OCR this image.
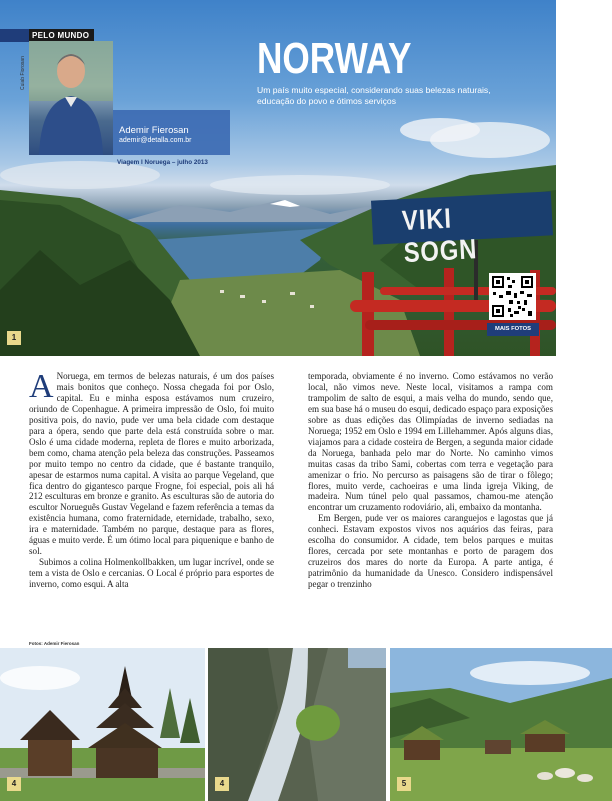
VIKI SOGN
PELO MUNDO
Cuiab Fiorosan
Ademir Fierosan
ademir@detalla.com.br
Viagem I Noruega – julho 2013
NORWAY
Um país muito especial, considerando suas belezas naturais, educação do povo e ótimos serviços
MAIS FOTOS
1

A Noruega, em termos de belezas naturais, é um dos países mais bonitos que conheço. Nossa chegada foi por Oslo, capital. Eu e minha esposa estávamos num cruzeiro, oriundo de Copenhague. A primeira impressão de Oslo, foi muito positiva pois, do navio, pude ver uma bela cidade com destaque para a ópera, sendo que parte dela está construída sobre o mar. Oslo é uma cidade moderna, repleta de flores e muito arborizada, bem como, chama atenção pela beleza das construções. Passeamos por muito tempo no centro da cidade, que é bastante tranquilo, apesar de estarmos numa capital. A visita ao parque Vegeland, que fica dentro do gigantesco parque Frogne, foi especial, pois ali há 212 esculturas em bronze e granito. As esculturas são de autoria do escultor Norueguês Gustav Vegeland e fazem referência a temas da existência humana, como fraternidade, eternidade, trabalho, sexo, ira e maternidade. Também no parque, destaque para as flores, águas e muito verde. É um ótimo local para piquenique e banho de sol.

Subimos a colina Holmenkollbakken, um lugar incrível, onde se tem a vista de Oslo e cercanias. O Local é próprio para esportes de inverno, como esqui. A alta

temporada, obviamente é no inverno. Como estávamos no verão local, não vimos neve. Neste local, visitamos a rampa com trampolim de salto de esqui, a mais velha do mundo, sendo que, em sua base há o museu do esqui, dedicado espaço para exposições sobre as duas edições das Olimpíadas de inverno sediadas na Noruega; 1952 em Oslo e 1994 em Lillehammer. Após alguns dias, viajamos para a cidade costeira de Bergen, a segunda maior cidade da Noruega, banhada pelo mar do Norte. No caminho vimos muitas casas da tribo Sami, cobertas com terra e vegetação para amenizar o frio. No percurso as paisagens são de tirar o fôlego; flores, muito verde, cachoeiras e uma linda igreja Viking, de madeira. Num túnel pelo qual passamos, chamou-me atenção encontrar um cruzamento rodoviário, ali, embaixo da montanha.

Em Bergen, pude ver os maiores caranguejos e lagostas que já conheci. Estavam expostos vivos nos aquários das feiras, para escolha do consumidor. A cidade, tem belos parques e muitas flores, cercada por sete montanhas e porto de paragem dos cruzeiros dos mares do norte da Europa. A parte antiga, é patrimônio da humanidade da Unesco. Considero indispensável pegar o trenzinho

Fotos: Ademir Fierosan
4	4	5
